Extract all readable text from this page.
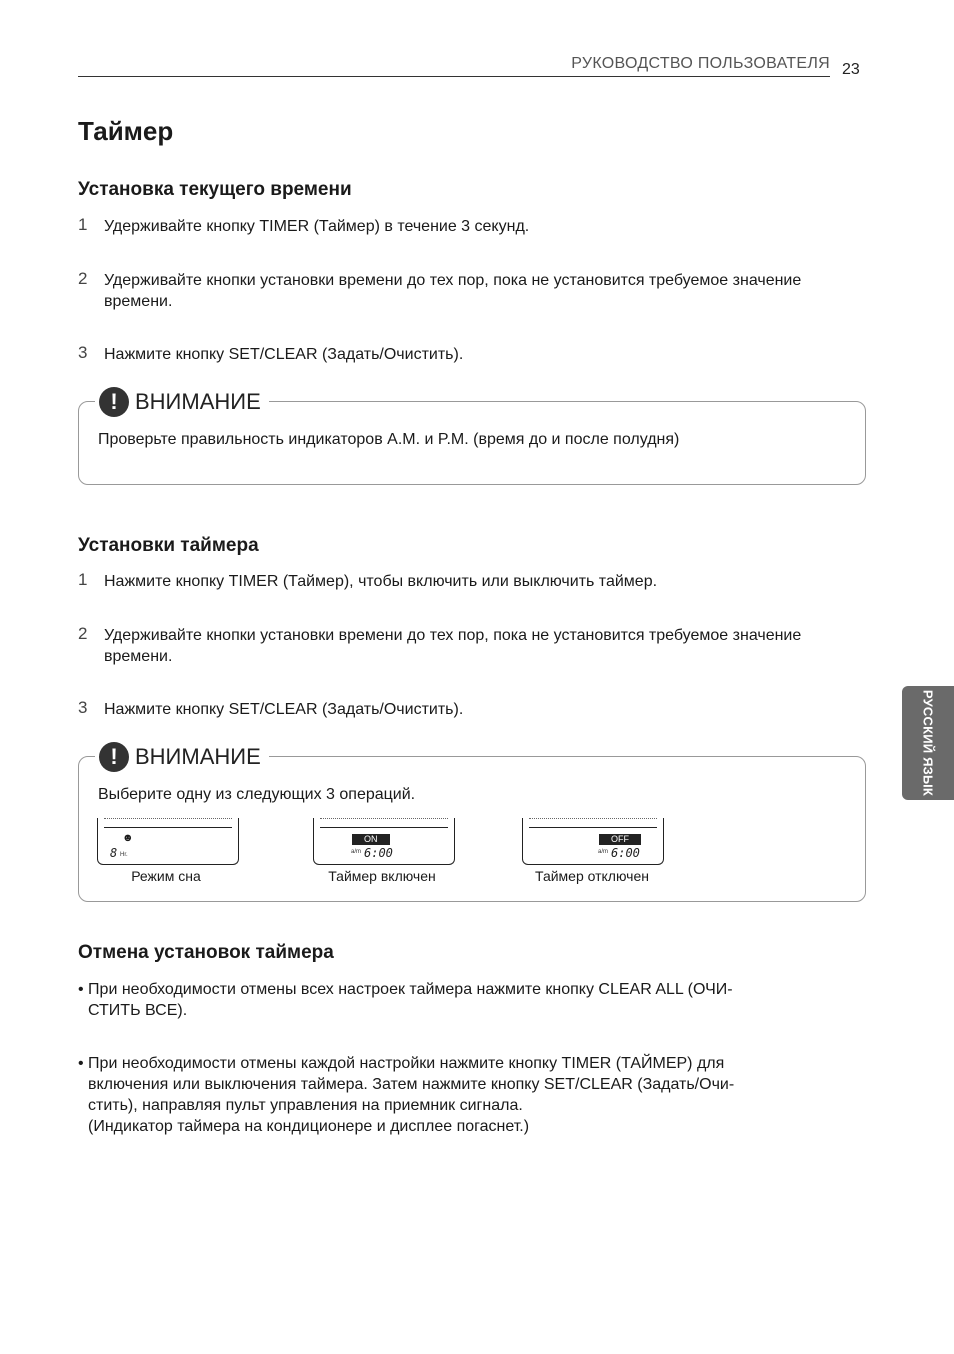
РУКОВОДСТВО ПОЛЬЗОВАТЕЛЯ 23
Таймер
Установка текущего времени
1 Удерживайте кнопку TIMER (Таймер) в течение 3 секунд.
2 Удерживайте кнопки установки времени до тех пор, пока не установится требуемое значение времени.
3 Нажмите кнопку SET/CLEAR (Задать/Очистить).
! ВНИМАНИЕ
Проверьте правильность индикаторов A.M. и P.M. (время до и после полудня)
Установки таймера
1 Нажмите кнопку TIMER (Таймер), чтобы включить или выключить таймер.
2 Удерживайте кнопки установки времени до тех пор, пока не установится требуемое значение времени.
3 Нажмите кнопку SET/CLEAR (Задать/Очистить).
! ВНИМАНИЕ
Выберите одну из следующих 3 операций.
☻
8 Hr.
Режим сна
ON
a/m 6:00
Таймер включен
OFF
a/m 6:00
Таймер отключен
Отмена установок таймера
• При необходимости отмены всех настроек таймера нажмите кнопку CLEAR ALL (ОЧИ-
СТИТЬ ВСЕ).
• При необходимости отмены каждой настройки нажмите кнопку TIMER (ТАЙМЕР) для
включения или выключения таймера. Затем нажмите кнопку SET/CLEAR (Задать/Очи-
стить), направляя пульт управления на приемник сигнала.
(Индикатор таймера на кондиционере и дисплее погаснет.)
РУССКИЙ ЯЗЫК
